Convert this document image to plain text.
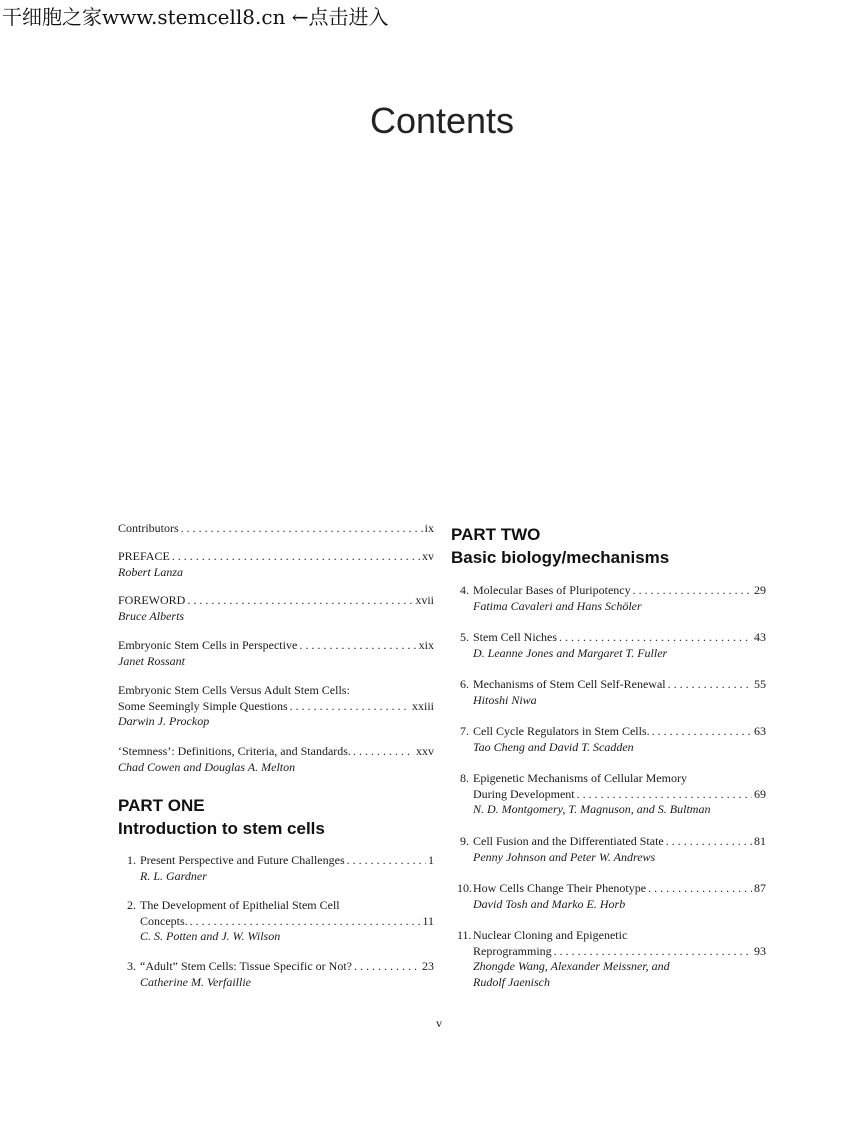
干细胞之家www.stemcell8.cn ←点击进入
Contents
Contributors . . .	ix
PREFACE . . .	xv
Robert Lanza
FOREWORD . . .	xvii
Bruce Alberts
Embryonic Stem Cells in Perspective . . .	xix
Janet Rossant
Embryonic Stem Cells Versus Adult Stem Cells:
Some Seemingly Simple Questions . . .	xxiii
Darwin J. Prockop
‘Stemness’: Definitions, Criteria, and Standards. . . .	xxv
Chad Cowen and Douglas A. Melton
1. Present Perspective and Future Challenges . . .	1
R. L. Gardner
2. The Development of Epithelial Stem Cell
Concepts. . . .	11
C. S. Potten and J. W. Wilson
3. “Adult” Stem Cells: Tissue Specific or Not? . . .	23
Catherine M. Verfaillie
4. Molecular Bases of Pluripotency . . .	29
Fatima Cavaleri and Hans Schöler
5. Stem Cell Niches . . .	43
D. Leanne Jones and Margaret T. Fuller
6. Mechanisms of Stem Cell Self-Renewal . . .	55
Hitoshi Niwa
7. Cell Cycle Regulators in Stem Cells. . . .	63
Tao Cheng and David T. Scadden
8. Epigenetic Mechanisms of Cellular Memory
During Development . . .	69
N. D. Montgomery, T. Magnuson, and S. Bultman
9. Cell Fusion and the Differentiated State . . .	81
Penny Johnson and Peter W. Andrews
10. How Cells Change Their Phenotype . . .	87
David Tosh and Marko E. Horb
11. Nuclear Cloning and Epigenetic
Reprogramming . . .	93
Zhongde Wang, Alexander Meissner, and
Rudolf Jaenisch
PART ONE
Introduction to stem cells
PART TWO
Basic biology/mechanisms
v
